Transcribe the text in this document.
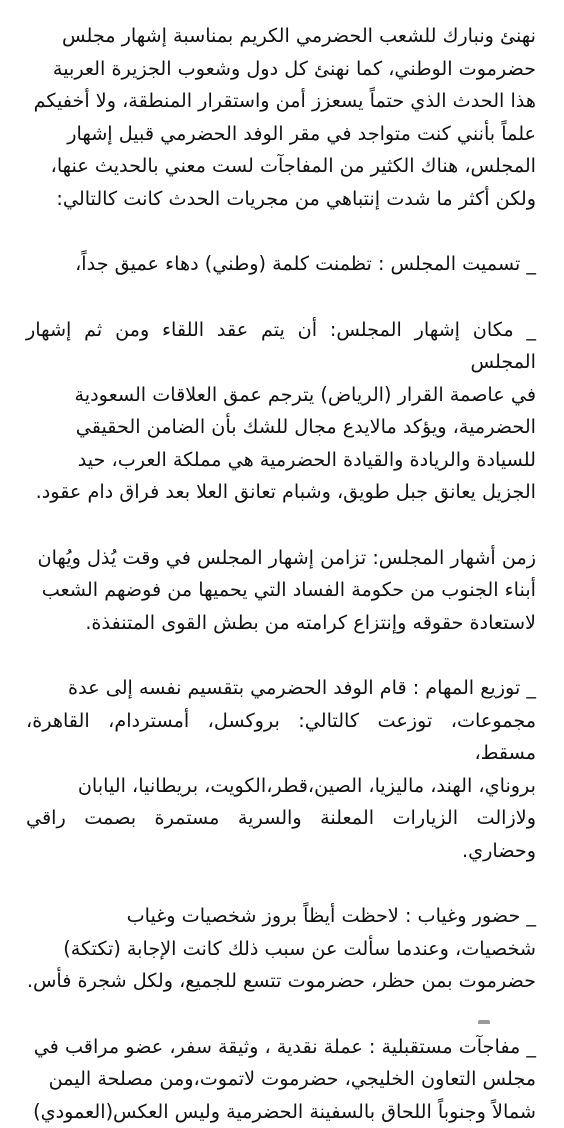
نهنئ ونبارك للشعب الحضرمي الكريم بمناسبة إشهار مجلس
حضرموت الوطني، كما نهنئ كل دول وشعوب الجزيرة العربية
هذا الحدث الذي حتماً يسعزز أمن واستقرار المنطقة، ولا أخفيكم
علماً بأنني كنت متواجد في مقر الوفد الحضرمي قبيل إشهار
المجلس، هناك الكثير من المفاجآت لست معني بالحديث عنها،
ولكن أكثر ما شدت إنتباهي من مجريات الحدث كانت كالتالي:

_ تسميت المجلس : تظمنت كلمة (وطني) دهاء عميق جداً،

_ مكان إشهار المجلس: أن يتم عقد اللقاء ومن ثم إشهار المجلس
في عاصمة القرار (الرياض) يترجم عمق العلاقات السعودية
الحضرمية، ويؤكد مالايدع مجال للشك بأن الضامن الحقيقي
للسيادة والريادة والقيادة الحضرمية هي مملكة العرب، حيد
الجزيل يعانق جبل طويق، وشبام تعانق العلا بعد فراق دام عقود.

زمن أشهار المجلس: تزامن إشهار المجلس في وقت يُذل ويُهان
أبناء الجنوب من حكومة الفساد التي يحميها من فوضهم الشعب
لاستعادة حقوقه وإنتزاع كرامته من بطش القوى المتنفذة.

_ توزيع المهام : قام الوفد الحضرمي بتقسيم نفسه إلى عدة
مجموعات، توزعت كالتالي: بروكسل، أمستردام، القاهرة، مسقط،
بروناي، الهند، ماليزيا، الصين،قطر،الكويت، بريطانيا، اليابان
ولازالت الزيارات المعلنة والسرية مستمرة بصمت راقي وحضاري.

_ حضور وغياب : لاحظت أيظاً بروز شخصيات وغياب
شخصيات، وعندما سألت عن سبب ذلك كانت الإجابة (تكتكة)
حضرموت بمن حظر، حضرموت تتسع للجميع، ولكل شجرة فأس.

_ مفاجآت مستقبلية : عملة نقدية ، وثيقة سفر، عضو مراقب في
مجلس التعاون الخليجي، حضرموت لاتموت،ومن مصلحة اليمن
شمالاً وجنوباً اللحاق بالسفينة الحضرمية وليس العكس(العمودي)
